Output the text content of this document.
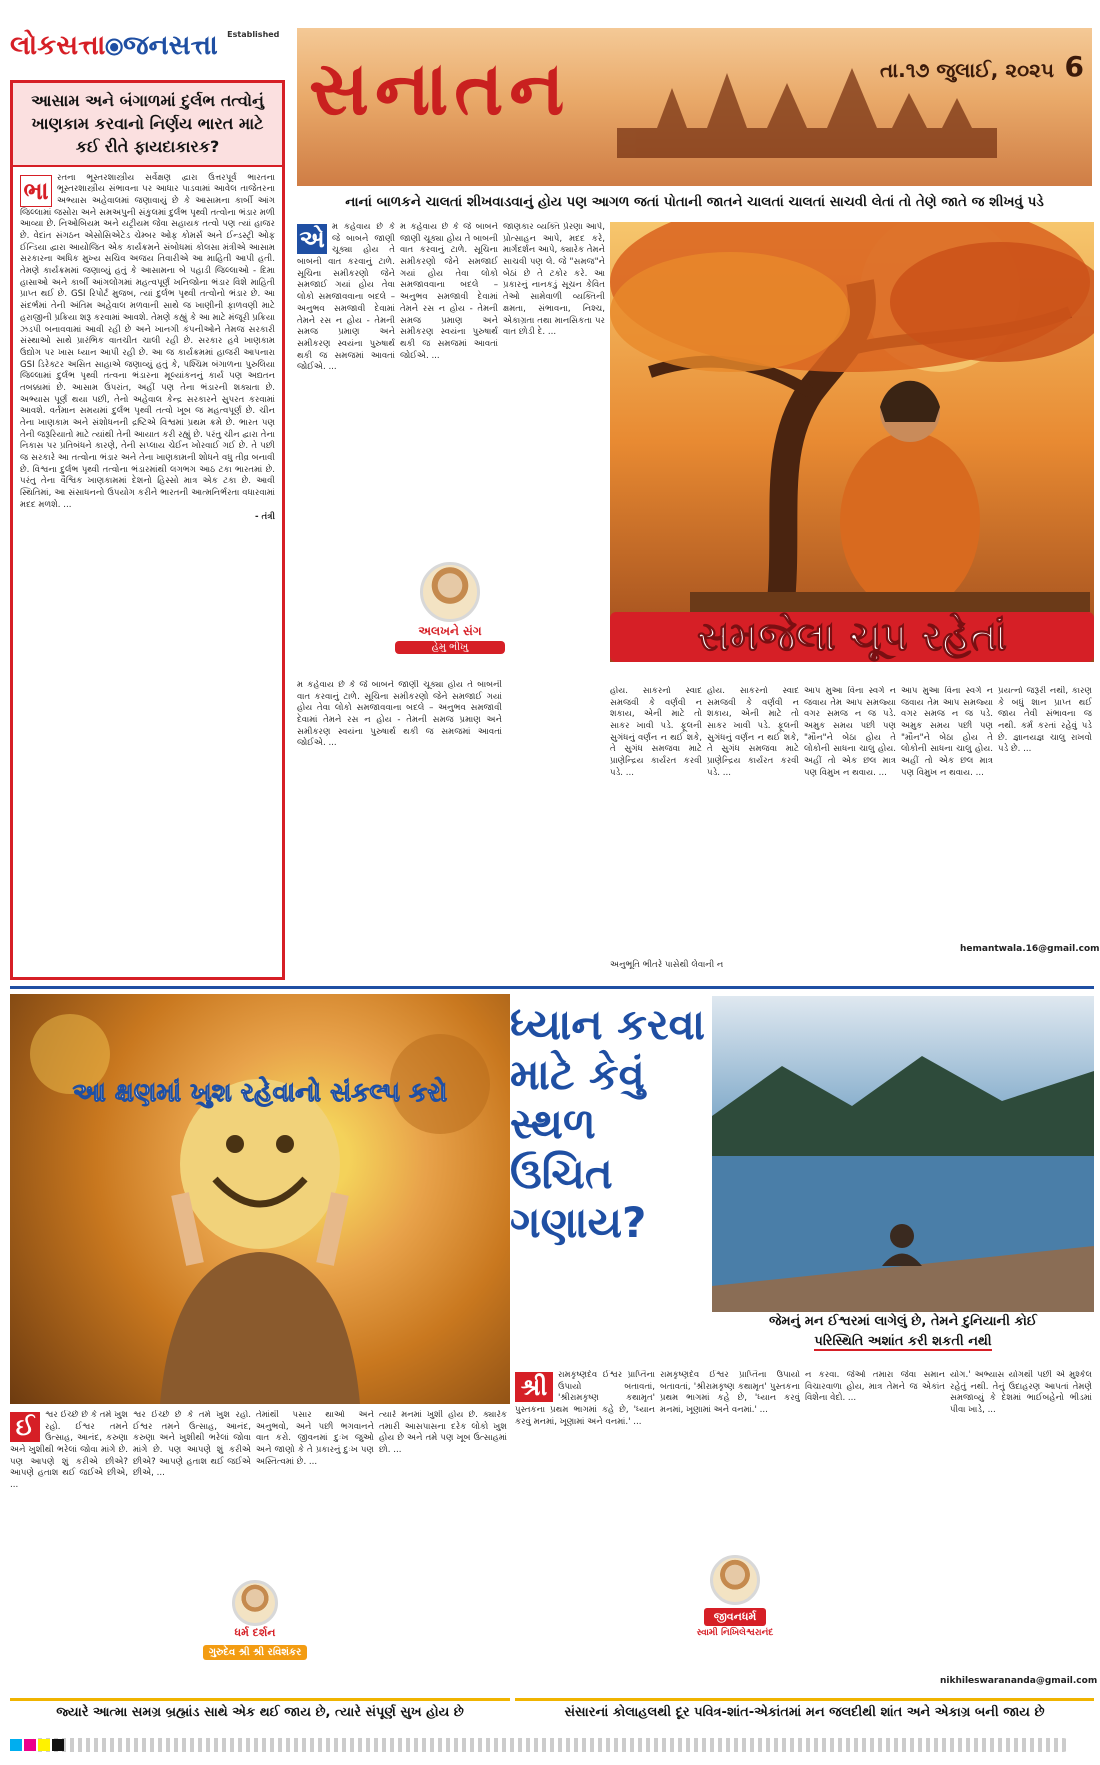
લોકસત્તા⦿જનસત્તા $^{Established}$
સનાતન	તા.૧૭ જુલાઈ, ૨૦૨૫ 6
નાનાં બાળકને ચાલતાં શીખવાડવાનું હોય પણ આગળ જતાં પોતાની જાતને ચાલતાં ચાલતાં સાચવી લેતાં તો તેણે જાતે જ શીખવું પડે
આસામ અને બંગાળમાં દુર્લભ તત્વોનું ખાણકામ કરવાનો નિર્ણય ભારત માટે કઈ રીતે ફાયદાકારક?
ભા રતના ભૂસ્તરશાસ્ત્રીય સર્વેક્ષણ દ્વારા ઉત્તરપૂર્વ ભારતના ભૂસ્તરશાસ્ત્રીય સંભાવના પર આધાર પાડવામાં આવેલ તાજેતરના અભ્યાસ અહેવાલમાં જણાવાયું છે કે આસામના કાર્બી આંગ જિલ્લામાં જસોરા અને સમઅપુની સંકુલમાં દુર્લભ પૃથ્વી તત્વોના ભંડાર મળી આવ્યા છે. નિઓબિયમ અને યટ્રીયમ જેવા સહાયક તત્વો પણ ત્યાં હાજર છે. વેદાંત સંગઠન એસોસિએટેડ ચેમ્બર ઓફ કોમર્સ અને ઈન્ડસ્ટ્રી ઓફ ઈન્ડિયા દ્વારા આયોજિત એક કાર્યક્રમને સંબોધમાં કોલસા મંત્રીએ આસામ સરકારના અધિક મુખ્ય સચિવ અજય તિવારીએ આ માહિતી આપી હતી. તેમણે કાર્યક્રમમાં જણાવ્યું હતું કે આસામના બે પહાડી જિલ્લાઓ - દિમા હાસાઓ અને કાર્બી આંગલોંગમાં મહત્વપૂર્ણ ખનિજોના ભંડાર વિશે માહિતી પ્રાપ્ત થઈ છે. GSI રિપોર્ટ મુજબ, ત્યાં દુર્લભ પૃથ્વી તત્વોનો ભંડાર છે. આ સંદર્ભમાં તેની અંતિમ અહેવાલ મળવાની સાથે જ ખાણીની ફાળવણી માટે હરાજીની પ્રક્રિયા શરૂ કરવામાં આવશે. તેમણે કહ્યું કે આ માટે મંજૂરી પ્રક્રિયા ઝડપી બનાવવામાં આવી રહી છે અને ખાનગી કંપનીઓને તેમજ સરકારી સંસ્થાઓ સાથે પ્રારંભિક વાતચીત ચાલી રહી છે. સરકાર હવે ખાણકામ ઉદ્યોગ પર ખાસ ધ્યાન આપી રહી છે. આ જ કાર્યક્રમમાં હાજરી આપનારા GSI ડિરેક્ટર અસિત સાહાએ જણાવ્યું હતું કે, પશ્ચિમ બંગાળના પુરુલિયા જિલ્લામાં દુર્લભ પૃથ્વી તત્વના ભંડારના મૂલ્યાંકનનું કાર્ય પણ અદ્યતન તબક્કામાં છે. આસામ ઉપરાંત, અહીં પણ તેના ભંડારની શક્યતા છે. અભ્યાસ પૂર્ણ થયા પછી, તેનો અહેવાલ કેન્દ્ર સરકારને સુપરત કરવામાં આવશે. વર્તમાન સમયમાં દુર્લભ પૃથ્વી તત્વો ખૂબ જ મહત્વપૂર્ણ છે. ચીન તેના ખાણકામ અને સંશોધનની દ્રષ્ટિએ વિશ્વમાં પ્રથમ ક્રમે છે. ભારત પણ તેની જરૂરિયાતો માટે ત્યાંથી તેની આયાત કરી રહ્યું છે. પરંતુ ચીન દ્વારા તેના નિકાસ પર પ્રતિબંધને કારણે, તેની સપ્લાય ચેઈન ખોરવાઈ ગઈ છે. તે પછી જ સરકારે આ તત્વોના ભંડાર અને તેના ખાણકામની શોધને વધુ તીવ્ર બનાવી છે. વિશ્વના દુર્લભ પૃથ્વી તત્વોના ભંડારમાંથી લગભગ આઠ ટકા ભારતમાં છે. પરંતુ તેના વૈશ્વિક ખાણકામમાં દેશનો હિસ્સો માત્ર એક ટકા છે. આવી સ્થિતિમાં, આ સંસાધનનો ઉપયોગ કરીને ભારતની આત્મનિર્ભરતા વધારવામાં મદદ મળશે. ...
- તંત્રી
એ મ કહેવાય છે કે જે બાબને જાણી ચૂક્યા હોય તે બાબની વાત કરવાનું ટાળે. સૂચિના સમીકરણો જેને સમજાઈ ગયાં હોય તેવા લોકો સમજાવવાના બદલે – અનુભવ સમજાવી દેવામાં તેમને રસ ન હોય - તેમની સમજ પ્રમાણ અને સમીકરણ સ્વયંના પુરુષાર્થ થકી જ સમજમાં આવતાં જોઈએ. ...
મ કહેવાય છે કે જે બાબને જાણી ચૂક્યા હોય તે બાબની વાત કરવાનું ટાળે. સૂચિના સમીકરણો જેને સમજાઈ ગયાં હોય તેવા લોકો સમજાવવાના બદલે – અનુભવ સમજાવી દેવામાં તેમને રસ ન હોય - તેમની સમજ પ્રમાણ અને સમીકરણ સ્વયંના પુરુષાર્થ થકી જ સમજમાં આવતાં જોઈએ. ...
જાણકાર વ્યક્તિ પ્રેરણા આપે, પ્રોત્સાહન આપે, મદદ કરે, માર્ગદર્શન આપે, ક્યારેક તેમને સાચવી પણ લે. જે "સમજ"ને બેઠાં છે તે ટકોર કરે. આ પ્રકારનું નાનકડું સૂચન કેવિત તેઓ સામેવાળી વ્યક્તિની ક્ષમતા, સંભાવના, નિશ્ચ, એકાગ્રતા તથા માનસિકતા પર વાત છોડી દે. ...
અલખને સંગ
હેમુ ભીખુ
મ કહેવાય છે કે જે બાબને જાણી ચૂક્યા હોય તે બાબની વાત કરવાનું ટાળે. સૂચિના સમીકરણો જેને સમજાઈ ગયાં હોય તેવા લોકો સમજાવવાના બદલે – અનુભવ સમજાવી દેવામાં તેમને રસ ન હોય - તેમની સમજ પ્રમાણ અને સમીકરણ સ્વયંના પુરુષાર્થ થકી જ સમજમાં આવતાં જોઈએ. ...
સમજેલા ચૂપ રહેતાં
હોય. સાકરનો સ્વાદ સમજવી કે વર્ણવી ન શકાય, એની માટે તો સાકર ખાવી પડે. ફૂલની સુગંધનું વર્ણન ન થઈ શકે, તે સુગંધ સમજવા માટે પ્રાણેન્દ્રિય કાર્યરત કરવી પડે. ...
હોય. સાકરનો સ્વાદ સમજવી કે વર્ણવી ન શકાય, એની માટે તો સાકર ખાવી પડે. ફૂલની સુગંધનું વર્ણન ન થઈ શકે, તે સુગંધ સમજવા માટે પ્રાણેન્દ્રિય કાર્યરત કરવી પડે. ...
આપ મુઆ વિના સ્વર્ગે ન જવાય તેમ આપ સમજ્યા વગર સમજ ન જ પડે. અમુક સમય પછી પણ "મૌન"ને બેઠા હોય તે લોકોની સાધના ચાલુ હોય. અહીં તો એક છલ માત્ર પણ વિમુખ ન થવાય. ...
આપ મુઆ વિના સ્વર્ગે ન જવાય તેમ આપ સમજ્યા વગર સમજ ન જ પડે. અમુક સમય પછી પણ "મૌન"ને બેઠા હોય તે લોકોની સાધના ચાલુ હોય. અહીં તો એક છલ માત્ર પણ વિમુખ ન થવાય. ...
પ્રયત્નો જરૂરી નથી, કારણ કે બધું શાન પ્રાપ્ત થઈ જાય તેવી સંભાવના જ નથી. કર્મ કરતાં રહેવું પડે છે. જ્ઞાનયજ્ઞ ચાલુ રાખવો પડે છે. ...
hemantwala.16@gmail.com
અનુભૂતિ ભીતરે પાસેથી લેવાની ન
આ ક્ષણમાં ખુશ રહેવાનો સંકલ્પ કરો
ઈ	શ્વર ઈચ્છે છે કે તમે ખુશ રહો. ઈશ્વર તમને ઉત્સાહ, આનંદ, કરુણા અને ખુશીથી ભરેલાં જોવા માંગે છે. પણ આપણે શું કરીએ છીએ? આપણે હતાશ થઈ જઈએ છીએ, ...
શ્વર ઈચ્છે છે કે તમે ખુશ રહો. ઈશ્વર તમને ઉત્સાહ, આનંદ, કરુણા અને ખુશીથી ભરેલાં જોવા માંગે છે. પણ આપણે શું કરીએ છીએ? આપણે હતાશ થઈ જઈએ છીએ, ...
તેમાંથી પસાર થાઓ અને અનુભવો, અને પછી ભગવાનને વાત કરો. જીવનમાં દુઃખ જુઓ અને જાણો કે તે પ્રકારનું દુઃખ પણ અસ્તિત્વમાં છે. ...
ત્યારે મનમાં ખુશી હોય છે. ક્યારેક તમારી આસપાસના દરેક લોકો ખુશ હોય છે અને તમે પણ ખૂબ ઉત્સાહમાં છો. ...
ધર્મ દર્શન
ગુરુદેવ શ્રી શ્રી રવિશંકર
ધ્યાન કરવા માટે કેવું સ્થળ ઉચિત ગણાય?
જેમનું મન ઈશ્વરમાં લાગેલું છે, તેમને દુનિયાની કોઈ
પરિસ્થિતિ અશાંત કરી શકતી નથી
શ્રી	રામકૃષ્ણદેવ ઈશ્વર પ્રાપ્તિના ઉપાયો બતાવતાં, 'શ્રીરામકૃષ્ણ કથામૃત' પુસ્તકના પ્રથમ ભાગમાં કહે છે, 'ધ્યાન કરવું મનમાં, ખૂણામાં અને વનમાં.' ...
રામકૃષ્ણદેવ ઈશ્વર પ્રાપ્તિના ઉપાયો બતાવતાં, 'શ્રીરામકૃષ્ણ કથામૃત' પુસ્તકના પ્રથમ ભાગમાં કહે છે, 'ધ્યાન કરવું મનમાં, ખૂણામાં અને વનમાં.' ...
ન કરવા. જેઓ તમારા જેવા સમાન વિચારવાળા હોય, માત્ર તેમને જ એકાંત વિશેના વેદો. ...
યોગ.' અભ્યાસ યોગથી પછી એ મુશ્કેલ રહેતું નથી. તેનું ઉદાહરણ આપતાં તેમણે સમજાવ્યું કે દેશમાં ભાઈબહેનો ભીડમાં પીવા ખાડે, ...
જીવનધર્મ
સ્વામી નિખિલેશ્વરાનંદ
nikhileswarananda@gmail.com
જ્યારે આત્મા સમગ્ર બ્રહ્માંડ સાથે એક થઈ જાય છે, ત્યારે સંપૂર્ણ સુખ હોય છે	સંસારનાં કોલાહલથી દૂર પવિત્ર-શાંત-એકાંતમાં મન જલદીથી શાંત અને એકાગ્ર બની જાય છે
